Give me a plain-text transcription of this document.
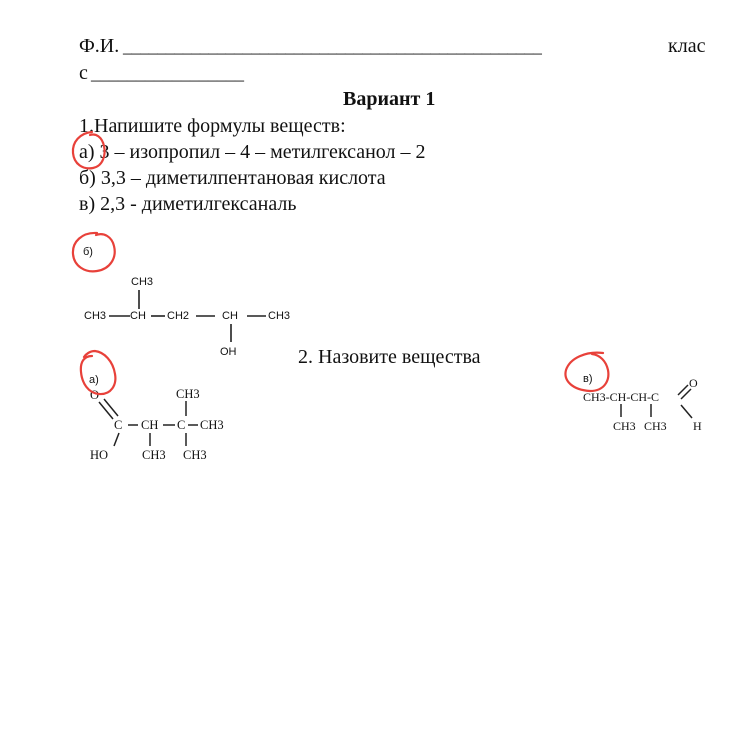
Ф.И. _________________________________________________	клас
с _________________
Вариант 1
1.Напишите формулы веществ:
а) 3 – изопропил – 4 – метилгексанол – 2
б) 3,3 – диметилпентановая кислота
в) 2,3 - диметилгексаналь
2. Назовите вещества
CH3
CH3 CH CH2	CH	CH3
OH
O	CH3
C CH C CH3
HO	CH3 CH3
CH3-CH-CH-C
O
CH3 CH3 H
б)
а)	в)
